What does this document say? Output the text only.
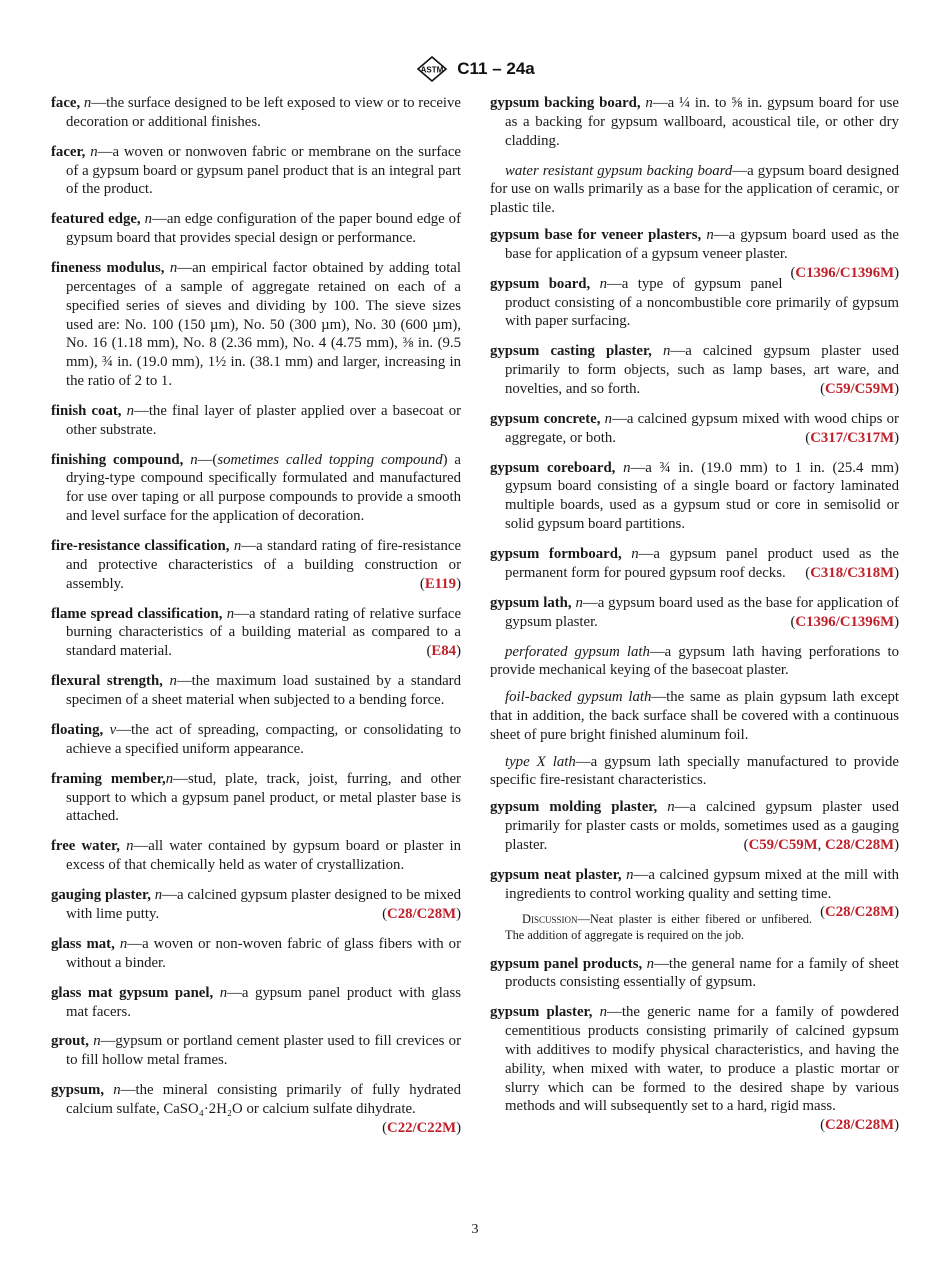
ASTM C11 – 24a

face, n—the surface designed to be left exposed to view or to receive decoration or additional finishes.

facer, n—a woven or nonwoven fabric or membrane on the surface of a gypsum board or gypsum panel product that is an integral part of the product.

featured edge, n—an edge configuration of the paper bound edge of gypsum board that provides special design or performance.

fineness modulus, n—an empirical factor obtained by adding total percentages of a sample of aggregate retained on each of a specified series of sieves and dividing by 100. The sieve sizes used are: No. 100 (150 µm), No. 50 (300 µm), No. 30 (600 µm), No. 16 (1.18 mm), No. 8 (2.36 mm), No. 4 (4.75 mm), ⅜ in. (9.5 mm), ¾ in. (19.0 mm), 1½ in. (38.1 mm) and larger, increasing in the ratio of 2 to 1.

finish coat, n—the final layer of plaster applied over a basecoat or other substrate.

finishing compound, n—(sometimes called topping compound) a drying-type compound specifically formulated and manufactured for use over taping or all purpose compounds to provide a smooth and level surface for the application of decoration.

fire-resistance classification, n—a standard rating of fire-resistance and protective characteristics of a building construction or assembly.	(E119)

flame spread classification, n—a standard rating of relative surface burning characteristics of a building material as compared to a standard material.	(E84)

flexural strength, n—the maximum load sustained by a standard specimen of a sheet material when subjected to a bending force.

floating, v—the act of spreading, compacting, or consolidating to achieve a specified uniform appearance.

framing member,n—stud, plate, track, joist, furring, and other support to which a gypsum panel product, or metal plaster base is attached.

free water, n—all water contained by gypsum board or plaster in excess of that chemically held as water of crystallization.

gauging plaster, n—a calcined gypsum plaster designed to be mixed with lime putty.	(C28/C28M)

glass mat, n—a woven or non-woven fabric of glass fibers with or without a binder.

glass mat gypsum panel, n—a gypsum panel product with glass mat facers.

grout, n—gypsum or portland cement plaster used to fill crevices or to fill hollow metal frames.

gypsum, n—the mineral consisting primarily of fully hydrated calcium sulfate, CaSO₄·2H₂O or calcium sulfate dihydrate.
(C22/C22M)

gypsum backing board, n—a ¼ in. to ⅝ in. gypsum board for use as a backing for gypsum wallboard, acoustical tile, or other dry cladding.

water resistant gypsum backing board—a gypsum board designed for use on walls primarily as a base for the application of ceramic, or plastic tile.

gypsum base for veneer plasters, n—a gypsum board used as the base for application of a gypsum veneer plaster.
(C1396/C1396M)

gypsum board, n—a type of gypsum panel product consisting of a noncombustible core primarily of gypsum with paper surfacing.

gypsum casting plaster, n—a calcined gypsum plaster used primarily to form objects, such as lamp bases, art ware, and novelties, and so forth.	(C59/C59M)

gypsum concrete, n—a calcined gypsum mixed with wood chips or aggregate, or both.	(C317/C317M)

gypsum coreboard, n—a ¾ in. (19.0 mm) to 1 in. (25.4 mm) gypsum board consisting of a single board or factory laminated multiple boards, used as a gypsum stud or core in semisolid or solid gypsum board partitions.

gypsum formboard, n—a gypsum panel product used as the permanent form for poured gypsum roof decks. (C318/C318M)

gypsum lath, n—a gypsum board used as the base for application of gypsum plaster.	(C1396/C1396M)

perforated gypsum lath—a gypsum lath having perforations to provide mechanical keying of the basecoat plaster.

foil-backed gypsum lath—the same as plain gypsum lath except that in addition, the back surface shall be covered with a continuous sheet of pure bright finished aluminum foil.

type X lath—a gypsum lath specially manufactured to provide specific fire-resistant characteristics.

gypsum molding plaster, n—a calcined gypsum plaster used primarily for plaster casts or molds, sometimes used as a gauging plaster.	(C59/C59M, C28/C28M)

gypsum neat plaster, n—a calcined gypsum mixed at the mill with ingredients to control working quality and setting time.
(C28/C28M)

Discussion—Neat plaster is either fibered or unfibered. The addition of aggregate is required on the job.

gypsum panel products, n—the general name for a family of sheet products consisting essentially of gypsum.

gypsum plaster, n—the generic name for a family of powdered cementitious products consisting primarily of calcined gypsum with additives to modify physical characteristics, and having the ability, when mixed with water, to produce a plastic mortar or slurry which can be formed to the desired shape by various methods and will subsequently set to a hard, rigid mass.
(C28/C28M)

3
